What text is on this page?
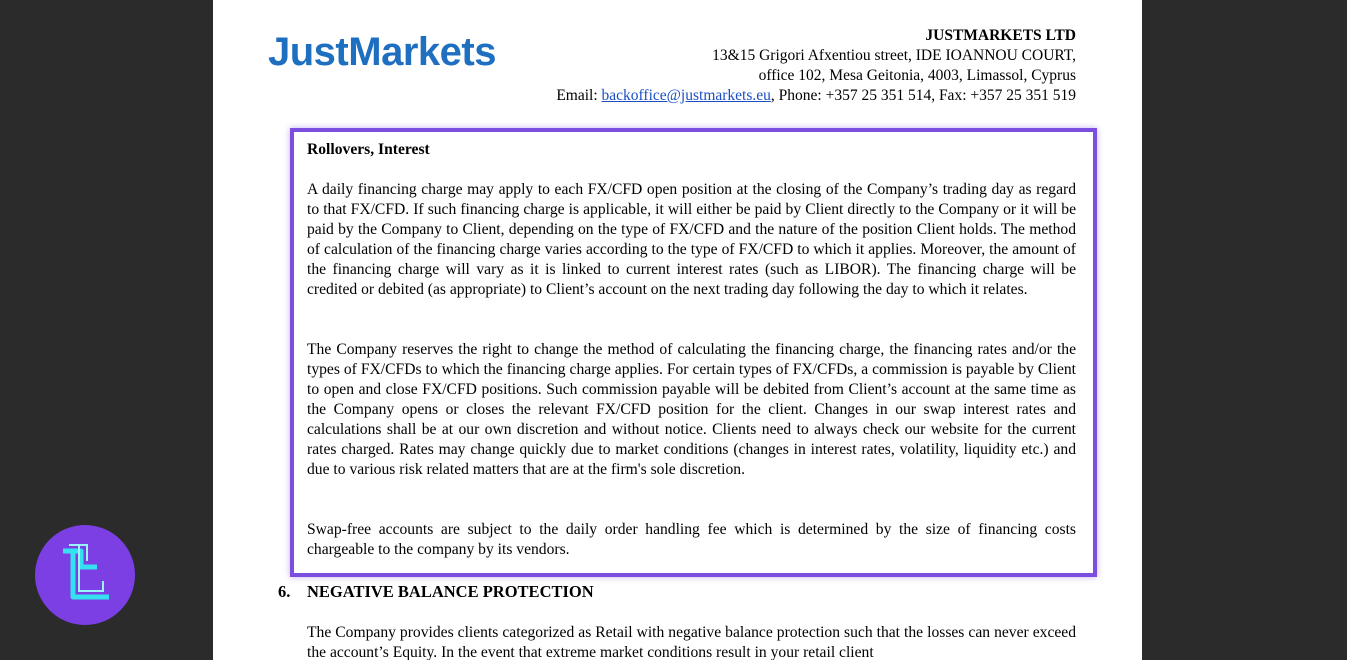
JustMarkets	JUSTMARKETS LTD
13&15 Grigori Afxentiou street, IDE IOANNOU COURT,
office 102, Mesa Geitonia, 4003, Limassol, Cyprus
Email: backoffice@justmarkets.eu, Phone: +357 25 351 514, Fax: +357 25 351 519
Rollovers, Interest
A daily financing charge may apply to each FX/CFD open position at the closing of the Company’s trading day as regard to that FX/CFD. If such financing charge is applicable, it will either be paid by Client directly to the Company or it will be paid by the Company to Client, depending on the type of FX/CFD and the nature of the position Client holds. The method of calculation of the financing charge varies according to the type of FX/CFD to which it applies. Moreover, the amount of the financing charge will vary as it is linked to current interest rates (such as LIBOR). The financing charge will be credited or debited (as appropriate) to Client’s account on the next trading day following the day to which it relates.
The Company reserves the right to change the method of calculating the financing charge, the financing rates and/or the types of FX/CFDs to which the financing charge applies. For certain types of FX/CFDs, a commission is payable by Client to open and close FX/CFD positions. Such commission payable will be debited from Client’s account at the same time as the Company opens or closes the relevant FX/CFD position for the client. Changes in our swap interest rates and calculations shall be at our own discretion and without notice. Clients need to always check our website for the current rates charged. Rates may change quickly due to market conditions (changes in interest rates, volatility, liquidity etc.) and due to various risk related matters that are at the firm's sole discretion.
Swap-free accounts are subject to the daily order handling fee which is determined by the size of financing costs chargeable to the company by its vendors.
6. NEGATIVE BALANCE PROTECTION
The Company provides clients categorized as Retail with negative balance protection such that the losses can never exceed the account’s Equity. In the event that extreme market conditions result in your retail client
